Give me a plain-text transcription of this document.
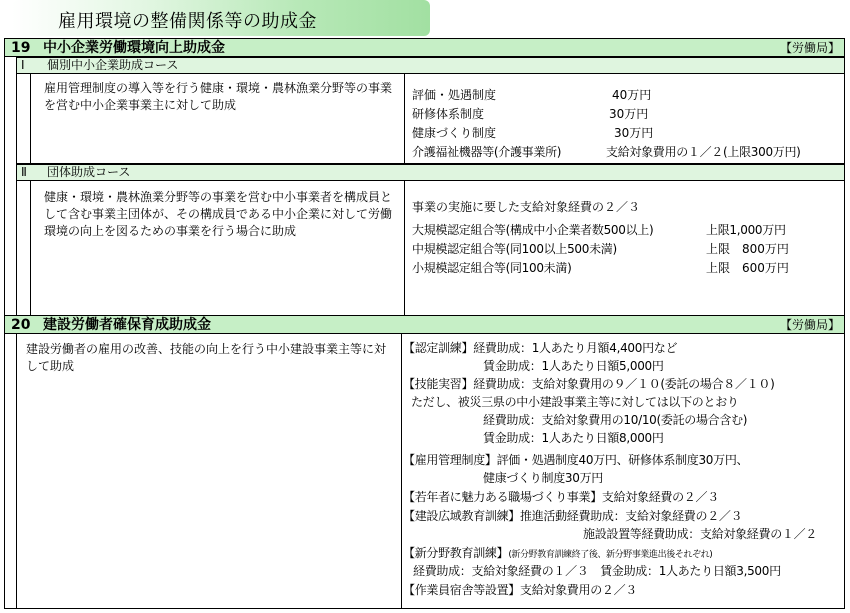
雇用環境の整備関係等の助成金
19 中小企業労働環境向上助成金	【労働局】
Ⅰ 個別中小企業助成コース
雇用管理制度の導入等を行う健康・環境・農林漁業分野等の事業を営む中小企業事業主に対して助成
評価・処遇制度	40万円
研修体系制度	30万円
健康づくり制度	30万円
介護福祉機器等(介護事業所)	支給対象費用の１／２(上限300万円)
Ⅱ 団体助成コース
健康・環境・農林漁業分野等の事業を営む中小事業者を構成員として含む事業主団体が、その構成員である中小企業に対して労働環境の向上を図るための事業を行う場合に助成
事業の実施に要した支給対象経費の２／３
大規模認定組合等(構成中小企業者数500以上)	上限1,000万円
中規模認定組合等(同100以上500未満)	上限　800万円
小規模認定組合等(同100未満)	上限　600万円
20 建設労働者確保育成助成金	【労働局】
建設労働者の雇用の改善、技能の向上を行う中小建設事業主等に対して助成
【認定訓練】経費助成：1人あたり月額4,400円など
賃金助成：1人あたり日額5,000円
【技能実習】経費助成：支給対象費用の９／１０(委託の場合８／１０)
ただし、被災三県の中小建設事業主等に対しては以下のとおり
経費助成：支給対象費用の10/10(委託の場合含む)
賃金助成：1人あたり日額8,000円
【雇用管理制度】評価・処遇制度40万円、研修体系制度30万円、
健康づくり制度30万円
【若年者に魅力ある職場づくり事業】支給対象経費の２／３
【建設広域教育訓練】推進活動経費助成：支給対象経費の２／３
施設設置等経費助成：支給対象経費の１／２
【新分野教育訓練】(新分野教育訓練終了後、新分野事業進出後それぞれ)
経費助成：支給対象経費の１／３　賃金助成：1人あたり日額3,500円
【作業員宿舎等設置】支給対象費用の２／３
